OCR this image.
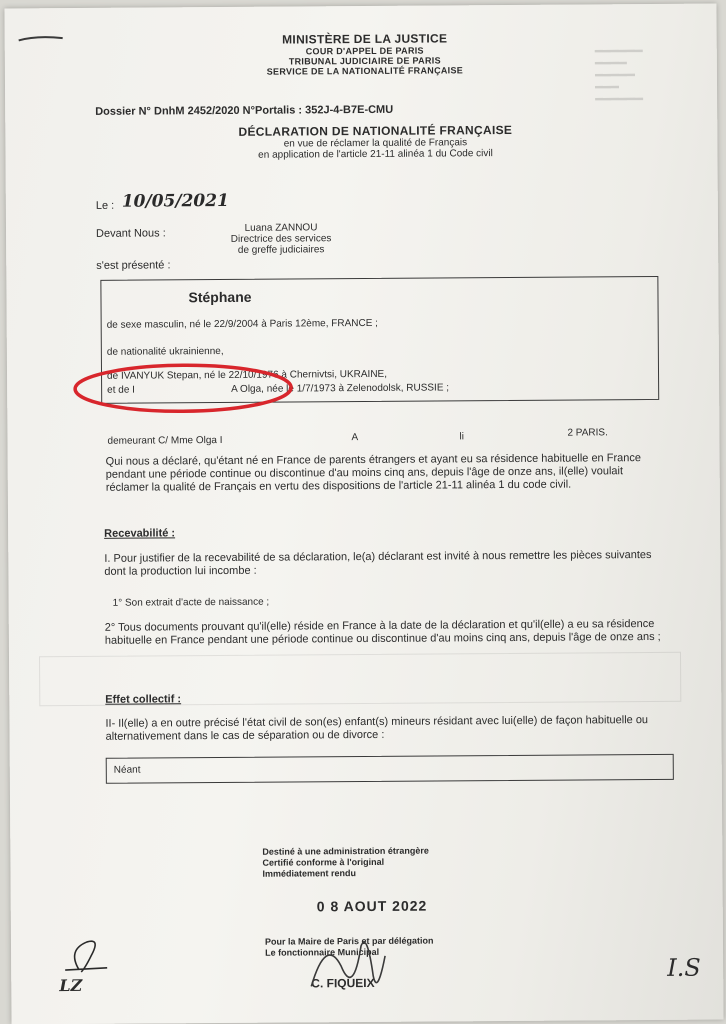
▬▬▬▬▬▬
▬▬▬▬
▬▬▬▬▬
▬▬▬
▬▬▬▬▬▬
MINISTÈRE DE LA JUSTICE
COUR D'APPEL DE PARIS
TRIBUNAL JUDICIAIRE DE PARIS
SERVICE DE LA NATIONALITÉ FRANÇAISE
Dossier N° DnhM 2452/2020 N°Portalis : 352J-4-B7E-CMU
DÉCLARATION DE NATIONALITÉ FRANÇAISE
en vue de réclamer la qualité de Français
en application de l'article 21-11 alinéa 1 du Code civil
Le : 10/05/2021
Devant Nous :	Luana ZANNOU
Directrice des services
de greffe judiciaires
s'est présenté :
Stéphane
de sexe masculin, né le 22/9/2004 à Paris 12ème, FRANCE ;
de nationalité ukrainienne,
de IVANYUK Stepan, né le 22/10/1976 à Chernivtsi, UKRAINE,
et de I	A Olga, née le 1/7/1973 à Zelenodolsk, RUSSIE ;
demeurant C/ Mme Olga I	A	li	2 PARIS.
Qui nous a déclaré, qu'étant né en France de parents étrangers et ayant eu sa résidence habituelle en France pendant une période continue ou discontinue d'au moins cinq ans, depuis l'âge de onze ans, il(elle) voulait réclamer la qualité de Français en vertu des dispositions de l'article 21-11 alinéa 1 du code civil.
Recevabilité :
I. Pour justifier de la recevabilité de sa déclaration, le(a) déclarant est invité à nous remettre les pièces suivantes dont la production lui incombe :
1° Son extrait d'acte de naissance ;
2° Tous documents prouvant qu'il(elle) réside en France à la date de la déclaration et qu'il(elle) a eu sa résidence habituelle en France pendant une période continue ou discontinue d'au moins cinq ans, depuis l'âge de onze ans ;
Effet collectif :
II- Il(elle) a en outre précisé l'état civil de son(es) enfant(s) mineurs résidant avec lui(elle) de façon habituelle ou alternativement dans le cas de séparation ou de divorce :
Néant
Destiné à une administration étrangère
Certifié conforme à l'original
Immédiatement rendu
0 8 AOUT 2022
Pour la Maire de Paris et par délégation
Le fonctionnaire Municipal
C. FIQUEIX
LZ
I.S
